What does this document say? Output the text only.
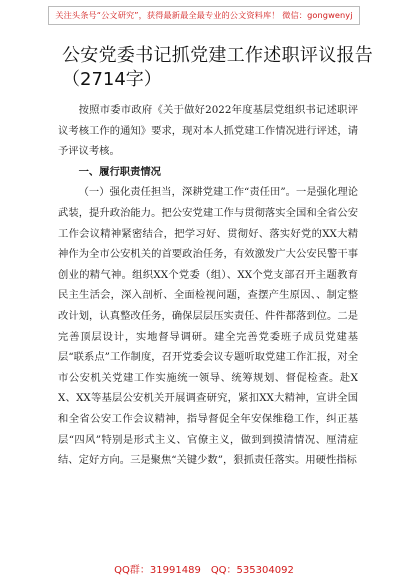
关注头条号“公文研究”，获得最新最全最专业的公文资料库！ 微信：gongwenyj
公安党委书记抓党建工作述职评议报告
（2714字）

按照市委市政府《关于做好2022年度基层党组织书记述职评议考核工作的通知》要求，现对本人抓党建工作情况进行评述，请予评议考核。

一、履行职责情况

（一）强化责任担当，深耕党建工作“责任田”。一是强化理论武装，提升政治能力。把公安党建工作与贯彻落实全国和全省公安工作会议精神紧密结合，把学习好、贯彻好、落实好党的XX大精神作为全市公安机关的首要政治任务，有效激发广大公安民警干事创业的精气神。组织XX个党委（组）、XX个党支部召开主题教育民主生活会，深入剖析、全面检视问题，查摆产生原因、、制定整改计划，认真整改任务，确保层层压实责任、件件都落到位。二是完善顶层设计，实地督导调研。建全完善党委班子成员党建基层“联系点”工作制度，召开党委会议专题听取党建工作汇报，对全市公安机关党建工作实施统一领导、统筹规划、督促检查。赴XX、XX等基层公安机关开展调查研究，紧扣XX大精神，宣讲全国和全省公安工作会议精神，指导督促全年安保维稳工作，纠正基层“四风”特别是形式主义、官僚主义，做到到摸清情况、厘清症结、定好方向。三是聚焦“关键少数”，狠抓责任落实。用硬性指标

QQ群：31991489 QQ：535304092
